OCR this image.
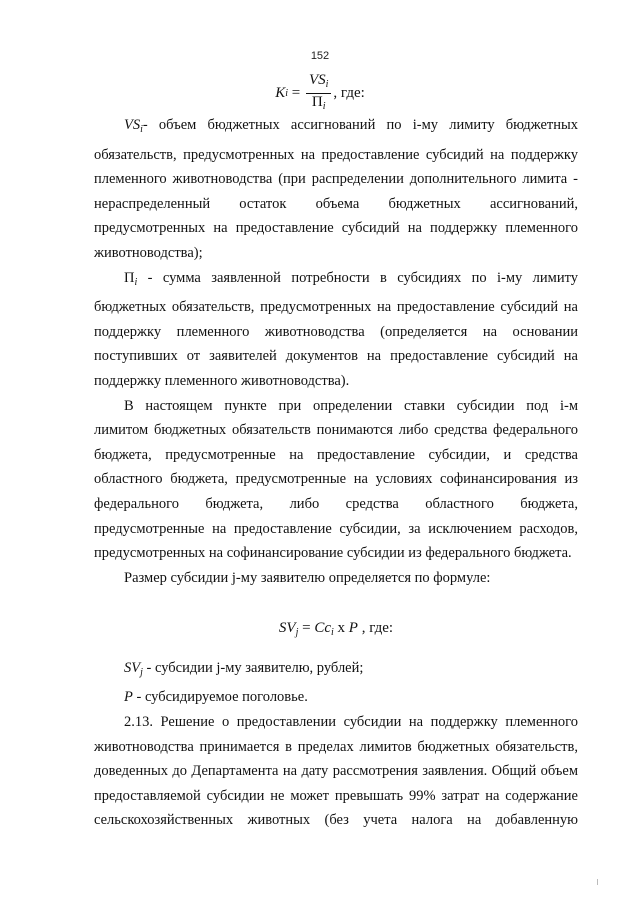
152
K $i = \frac{VS_i}{\Pi_i}$ , где:

$VS_i-$ объем бюджетных ассигнований по i-му лимиту бюджетных

обязательств, предусмотренных на предоставление субсидий на поддержку

племенного животноводства (при распределении дополнительного лимита -

нераспределенный остаток объема бюджетных ассигнований,

предусмотренных на предоставление субсидий на поддержку племенного

животноводства);

$\Pi_i$ - сумма заявленной потребности в субсидиях по i-му лимиту

бюджетных обязательств, предусмотренных на предоставление субсидий на

поддержку племенного животноводства (определяется на основании

поступивших от заявителей документов на предоставление субсидий на

поддержку племенного животноводства).

В настоящем пункте при определении ставки субсидии под i-м

лимитом бюджетных обязательств понимаются либо средства федерального

бюджета, предусмотренные на предоставление субсидии, и средства

областного бюджета, предусмотренные на условиях софинансирования из

федерального бюджета, либо средства областного бюджета,

предусмотренные на предоставление субсидии, за исключением расходов,

предусмотренных на софинансирование субсидии из федерального бюджета.

Размер субсидии j-му заявителю определяется по формуле:

$SV_j = Cc_i$ x P , где:

$SV_j$ - субсидии j-му заявителю, рублей;

P - субсидируемое поголовье.

2.13. Решение о предоставлении субсидии на поддержку племенного

животноводства принимается в пределах лимитов бюджетных обязательств,

доведенных до Департамента на дату рассмотрения заявления. Общий объем

предоставляемой субсидии не может превышать 99% затрат на содержание

сельскохозяйственных животных (без учета налога на добавленную
